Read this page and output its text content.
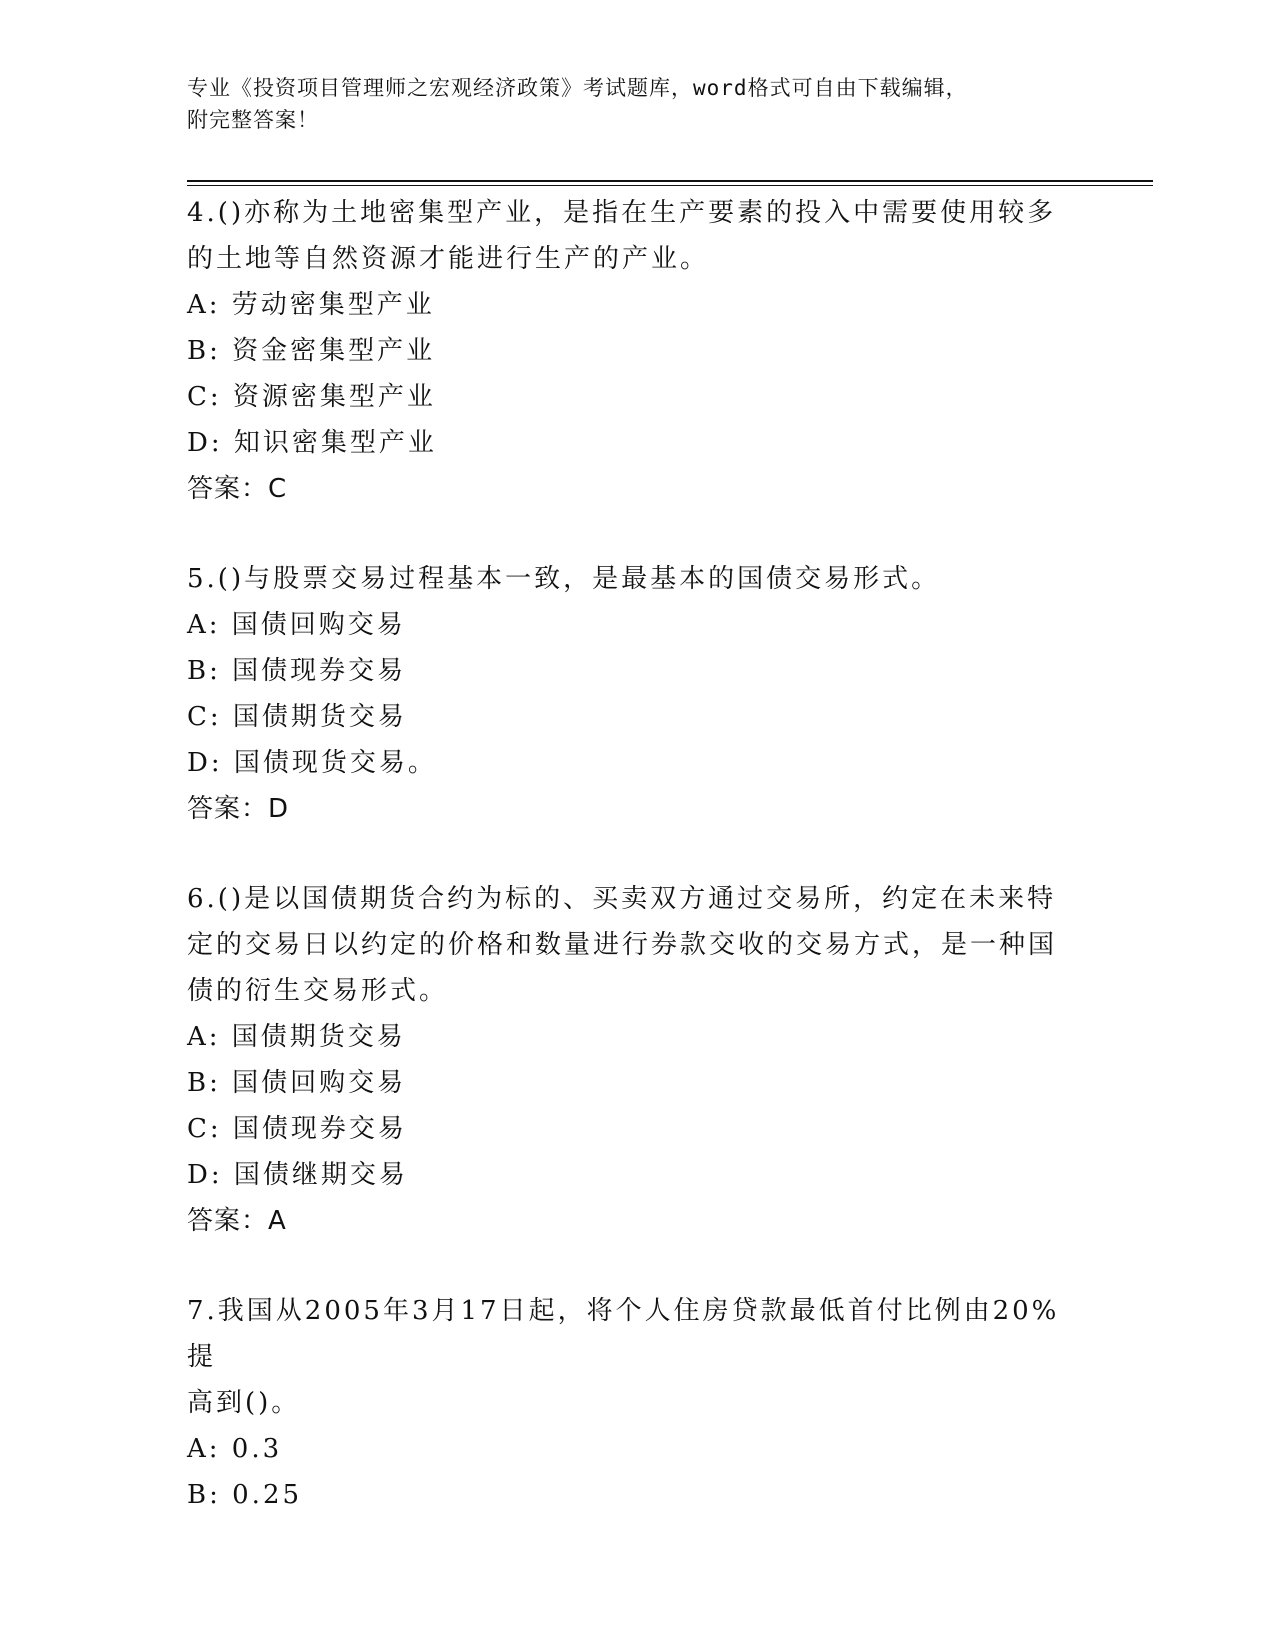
专业《投资项目管理师之宏观经济政策》考试题库，word格式可自由下载编辑，
附完整答案！
4.()亦称为土地密集型产业，是指在生产要素的投入中需要使用较多
的土地等自然资源才能进行生产的产业。
A: 劳动密集型产业
B: 资金密集型产业
C: 资源密集型产业
D: 知识密集型产业
答案：C
5.()与股票交易过程基本一致，是最基本的国债交易形式。
A: 国债回购交易
B: 国债现券交易
C: 国债期货交易
D: 国债现货交易。
答案：D
6.()是以国债期货合约为标的、买卖双方通过交易所，约定在未来特
定的交易日以约定的价格和数量进行券款交收的交易方式，是一种国
债的衍生交易形式。
A: 国债期货交易
B: 国债回购交易
C: 国债现券交易
D: 国债继期交易
答案：A
7.我国从2005年3月17日起，将个人住房贷款最低首付比例由20%提
高到()。
A: 0.3
B: 0.25
